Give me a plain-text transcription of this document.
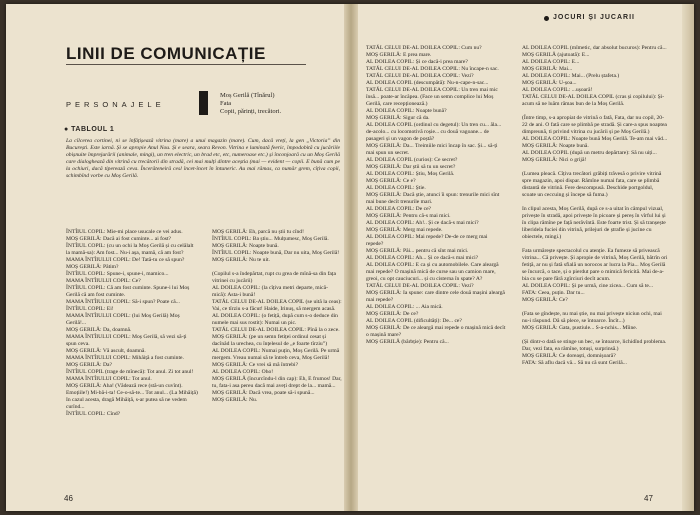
LINII DE COMUNICAȚIE
PERSONAJELE
Moș Gerilă (Tînărul)
Fata
Copii, părinți, trecători.
● TABLOUL 1
La cîlcerea cortinei, ni se înfățișează vitrina (mare) a unui magazin (mare). Cum, dacă vreți, la gen „Victoria” din București. Este iarnă. Și se apropie Anul Nou. Și e seara, seara Revon. Vitrina e luminată feeric, împodobită cu jucăriile obișnuite împrejurării (animale, mingi), un tren electric, un brad etc, etc, numeroase etc.) și înconjoară cu un Moș Gerilă care dialoghează din vitrină cu trecătorii din stradă, cei mai mulți dintre aceștia (mai — evident — copii. E bună cum pe la ochiuri, dacă tiperează ceva. Încerăteneiră cesl încet-încet în întuneric. Au mai rămas, ca număr grem, cîțiva copii, schimbînd vorbe cu Moș Gerilă.
ÎNTÎIUL COPIL: Mie-mi place usucale ce vei adus.
MOȘ GERILĂ: Dacă ai fost cuminte... ai fost?
ÎNTÎIUL COPIL: (cu un ochi la Moș Gerilă și cu celălalt la mamă-sa): Am fost... Nu-i așa, mamă, că am fost?
MAMA ÎNTÎIULUI COPIL: De! Tată-tu ce să spun?
MOȘ GERILĂ: Pătim?
ÎNTÎIUL COPIL: Spune-i, spune-i, mamico...
MAMA ÎNTÎIULUI COPIL: Ce?
ÎNTÎIUL COPIL: Că am fost cuminte. Spune-i lui Moș Gerilă că am fost cuminte.
MAMA ÎNTÎIULUI COPIL: Să-i spun? Poate că...
ÎNTÎIUL COPIL: Ei!
MAMA ÎNTÎIULUI COPIL: (lui Moș Gerilă) Moș Gerilă!...
MOȘ GERILĂ: Da, doamnă.
MAMA ÎNTÎIULUI COPIL: Moș Gerilă, să vezi să-ți spun ceva.
MOȘ GERILĂ: Vă ascult, doamnă.
MAMA ÎNTÎIULUI COPIL: Mihăiță a fost cuminte.
MOȘ GERILĂ: Da?
ÎNTÎIUL COPIL (trage de mînecă): Tot anul. Zi tot anul!
MAMA ÎNTÎIULUI COPIL: Tot anul.
MOȘ GERILĂ: Aha! (Vădează rece (stă-un cuvînt). Emoțiile!) Mi-bă-i-ta! Ce-o-să-te... Tot anul... (La Mihăiță) In cazul acesta, dragă Mihăiță, s-ar putea să ne vedem curînd...
ÎNTÎIUL COPIL: Cînd?
MOȘ GERILĂ: Eh, parcă nu știi tu cînd!
ÎNTÎIUL COPIL: Ba știu... Mulțumesc, Moș Gerilă.
MOȘ GERILĂ: Noapte bună.
ÎNTÎIUL COPIL: Noapte bună, Dar nu uita, Moș Gerilă!
MOȘ GERILĂ: Nu te uit.

(Copilul s-a îndepărtat, rupt cu grea de mînă-sa din fața vitrinei cu jucării)
AL DOILEA COPIL: (la cîțiva metri departe, mică-mică): Asta-i bună!
TATĂL CELUI DE-AL DOILEA COPIL (se uită la ceas): Vai, ce tîrziu s-a făcut! Haide, Irinuș, să mergem acasă.
AL DOILEA COPIL: (o fetiță, după cum s-o deduce din numele mai sus rostit): Numai un pic.
TATĂL CELUI DE-AL DOILEA COPIL: Pînă la o zece.
MOȘ GERILĂ: (pe un semn fetiței ordinul cesat și dacînâd la urechea, cu înțelesul de „e foarte tîrziu”)
AL DOILEA COPIL: Numai puțin, Moș Gerilă. Pe urmă mergem. Vreau numai să te întreb ceva, Moș Gerilă!
MOȘ GERILĂ: Ce vrei să mă întrebi?
AL DOILEA COPIL: Oho!
MOȘ GERILĂ (încurcîndu-l din cap): Eh, E frumos! Dar, tu, fata-i asa pereu dacă mai aveți drept de la... mamă...
MOȘ GERILĂ: Dacă vrea, poate să-i spună...
MOȘ GERILĂ: Nu.
46
JOCURI ȘI JUCARII
TATĂL CELUI DE-AL DOILEA COPIL: Cum nu?
MOȘ GERILĂ: E prea mare.
AL DOILEA COPIL: Și ce dacă-i prea mare?
TATĂL CELUI DE-AL DOILEA COPIL: Nu încape-n sac.
TATĂL CELUI DE-AL DOILEA COPIL: Vezi?
AL DOILEA COPIL (descumpătă): Nu-n-cape-n-sac...
TATĂL CELUI DE-AL DOILEA COPIL: Un tren mai mic însă... poate-ar încăpea. (Face un semn complice lui Moș Gerilă, care recepționează.)
AL DOILEA COPIL: Noapte bună?
MOȘ GERILĂ: Sigur că da.
AL DOILEA COPIL (ordinul cu degetul): Un tren cu... ăla... de-acolo... cu locomotivă roșie... cu două vagoane... de pasageri și un vagon de poștă?
MOȘ GERILĂ: Da... Treimiile mici încap în sac. Și... să-ți mai spun un secret.
AL DOILEA COPIL (curios): Ce secret?
MOȘ GERILĂ: Dar știi să tu un secret?
AL DOILEA COPIL: Știu, Moș Gerilă.
MOȘ GERILĂ: Ce e?
AL DOILEA COPIL: Știe.
MOȘ GERILĂ: Dacă știe, atunci îi spun: trenurile mici sînt mai bune decît trenurile mari.
AL DOILEA COPIL: De ce?
MOȘ GERILĂ: Pentru că-s mai mici.
AL DOILEA COPIL: Ah!.. Și ce dacă-s mai mici?
MOȘ GERILĂ: Merg mai repede.
AL DOILEA COPIL: Mai repede? De-de ce merg mai repede?
MOȘ GERILĂ: Păi... pentru că sînt mai mici.
AL DOILEA COPIL: Ah... Și ce dacă-s mai mici?
AL DOILEA COPIL: E ca și cu automobilele. Care aleargă mai repede? O mașină mică de curse sau un camion mare, greoi, cu opt cauciucuri... și cu cisterna în spate? A?
TATĂL CELUI DE-AL DOILEA COPIL: Vezi?
MOȘ GERILĂ: Ia spune: care dintre cele două mașini aleargă mai repede?
AL DOILEA COPIL: ... Aia mică.
MOȘ GERILĂ: De ce?
AL DOILEA COPIL (dificultăți): De... ce?
MOȘ GERILĂ: De ce aleargă mai repede o mașină mică decît o mașină mare?
MOȘ GERILĂ (bărbție): Pentru că...
AL DOILEA COPIL (mîmetic, dar absolut bucuros): Pentru că...
MOȘ GERILĂ (ajutoată): E...
AL DOILEA COPIL: E...
MOȘ GERILĂ: Mai...
AL DOILEA COPIL: Mai... (Prelu ștafeta.)
MOȘ GERILĂ: U-șoa...
AL DOILEA COPIL: ...ușoară!
TATĂL CELUI DE-AL DOILEA COPIL (cras și copilului): Și-acum să ne luăm rămas bun de la Moș Gerilă.

(Între timp, s-a apropiat de vitrină o fată, Fata, dar nu copil, 20-22 de ani. O fată care se plimbă pe stradă. Și care-a spus noaptea dimpreună, ti privind vitrina cu jucării și pe Moș Gerilă.)
AL DOILEA COPIL: Noapte bună Moș Gerilă. Te-am mai văd...
MOȘ GERILĂ: Noapte bună.
AL DOILEA COPIL (după un metru depărtare): Să nu uiți...
MOȘ GERILĂ: Nici o grijă!

(Lumea pleacă. Cîțiva trecători grăbiți trăvesă o privire vitrină spre magazin, apoi dispar. Rămîne numai fata, care se plimbă distantă de vitrină. Fere descompusă. Deschide portgoldul, scoate un ceccuing și începe să fuma.)

In clipul acesta, Moș Gerilă, după ce s-a uitat în câmpul vizual, privește în stradă, apoi privește în picoare și pereș în vîrful lui și în clipa rămîne pe față nerăvîntă. Este foarte trist. Și să tranșește liberidela fuciei din vitrină, prilejuri de ștrafie și jucine cu obiectele, mingi.)

Fata urmărește spectacolul cu atenție. Ea fumeze să privească vitrina... Că privește. Și apropie de vitrină, Moș Gerilă, bătrîn ori fetiță, ar nu și fată sfială un norocos ar lucra la Pia... Moș Gerilă se încurcă, o tace, și o pierdut pare o mimică fericită. Mai de-a-bia cu se pare fără zgîrciuri decît acum.
AL DOILEA COPIL: Și pe urmă, cine zicea... Cum să te...
FATA: Ceea, puțin. Dar tu...
MOȘ GERILĂ: Ce?

(Fata se gîndește, nu mai știe, nu mai privește niciun ochi, mai nu-i răspund. Dă să plece, se întoarce. Încît...)
MOȘ GERILĂ: Gata, pustiule... S-a-nchis... Mîine.

(Și dintr-o dată se stinge un bec, se întoarce, lichidînd problema. Dar, vezi fata, ea rămîne, totuși, surprinsă.)
MOȘ GERILĂ: Ce doreaști, domnișoară?
FATA: Să aflu dacă vă... Să nu că sunt Gerilă...
47
